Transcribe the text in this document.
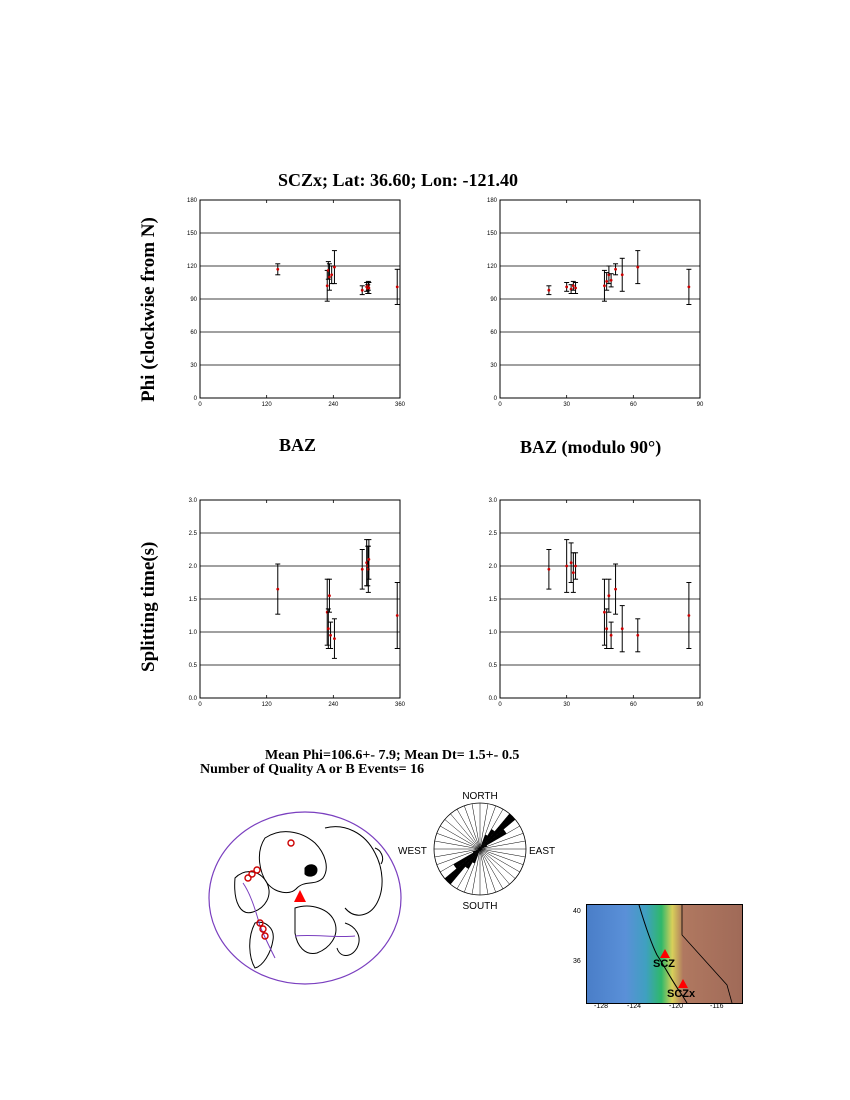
SCZx; Lat: 36.60; Lon: -121.40
Phi (clockwise from N)
Splitting time(s)
BAZ	BAZ (modulo 90°)
0
30
60
90
120
150
180
0	120	240	360
0
30
60
90
120
150
180
0	30	60	90
0.0
0.5
1.0
1.5
2.0
2.5
3.0
0	120	240	360
0.0
0.5
1.0
1.5
2.0
2.5
3.0
0	30	60	90
Mean Phi=106.6+- 7.9; Mean Dt= 1.5+- 0.5
Number of Quality A or B Events= 16
NORTH
SOUTH
WEST	EAST
SCZ
SCZx
40
36
-128	-124	-120	-116
